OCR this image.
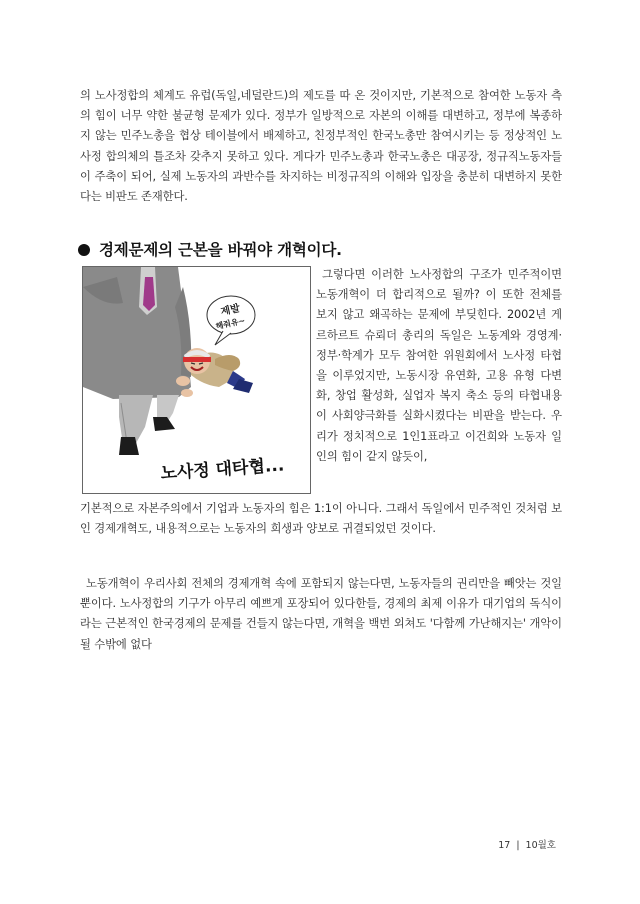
의 노사정합의 체계도 유럽(독일,네덜란드)의 제도를 따 온 것이지만, 기본적으로 참여한 노동자 측의 힘이 너무 약한 불균형 문제가 있다. 정부가 일방적으로 자본의 이해를 대변하고, 정부에 복종하지 않는 민주노총을 협상 테이블에서 배제하고, 친정부적인 한국노총만 참여시키는 등 정상적인 노사정 합의체의 틀조차 갖추지 못하고 있다. 게다가 민주노총과 한국노총은 대공장, 정규직노동자들이 주축이 되어, 실제 노동자의 과반수를 차지하는 비정규직의 이해와 입장을 충분히 대변하지 못한다는 비판도 존재한다.

경제문제의 근본을 바꿔야 개혁이다.
제발
해줘유~
노사정 대타협...

그렇다면 이러한 노사정합의 구조가 민주적이면 노동개혁이 더 합리적으로 될까? 이 또한 전체를 보지 않고 왜곡하는 문제에 부딪힌다. 2002년 게르하르트 슈뢰더 총리의 독일은 노동계와 경영계·정부·학계가 모두 참여한 위원회에서 노사정 타협을 이루었지만, 노동시장 유연화, 고용 유형 다변화, 창업 활성화, 실업자 복지 축소 등의 타협내용이 사회양극화를 실화시켰다는 비판을 받는다. 우리가 정치적으로 1인1표라고 이건희와 노동자 일인의 힘이 같지 않듯이,

기본적으로 자본주의에서 기업과 노동자의 힘은 1:1이 아니다. 그래서 독일에서 민주적인 것처럼 보인 경제개혁도, 내용적으로는 노동자의 희생과 양보로 귀결되었던 것이다.

노동개혁이 우리사회 전체의 경제개혁 속에 포함되지 않는다면, 노동자들의 권리만을 빼앗는 것일 뿐이다. 노사정합의 기구가 아무리 예쁘게 포장되어 있다한들, 경제의 최제 이유가 대기업의 독식이라는 근본적인 한국경제의 문제를 건들지 않는다면, 개혁을 백번 외쳐도 '다함께 가난해지는' 개악이 될 수밖에 없다

17 | 10월호
